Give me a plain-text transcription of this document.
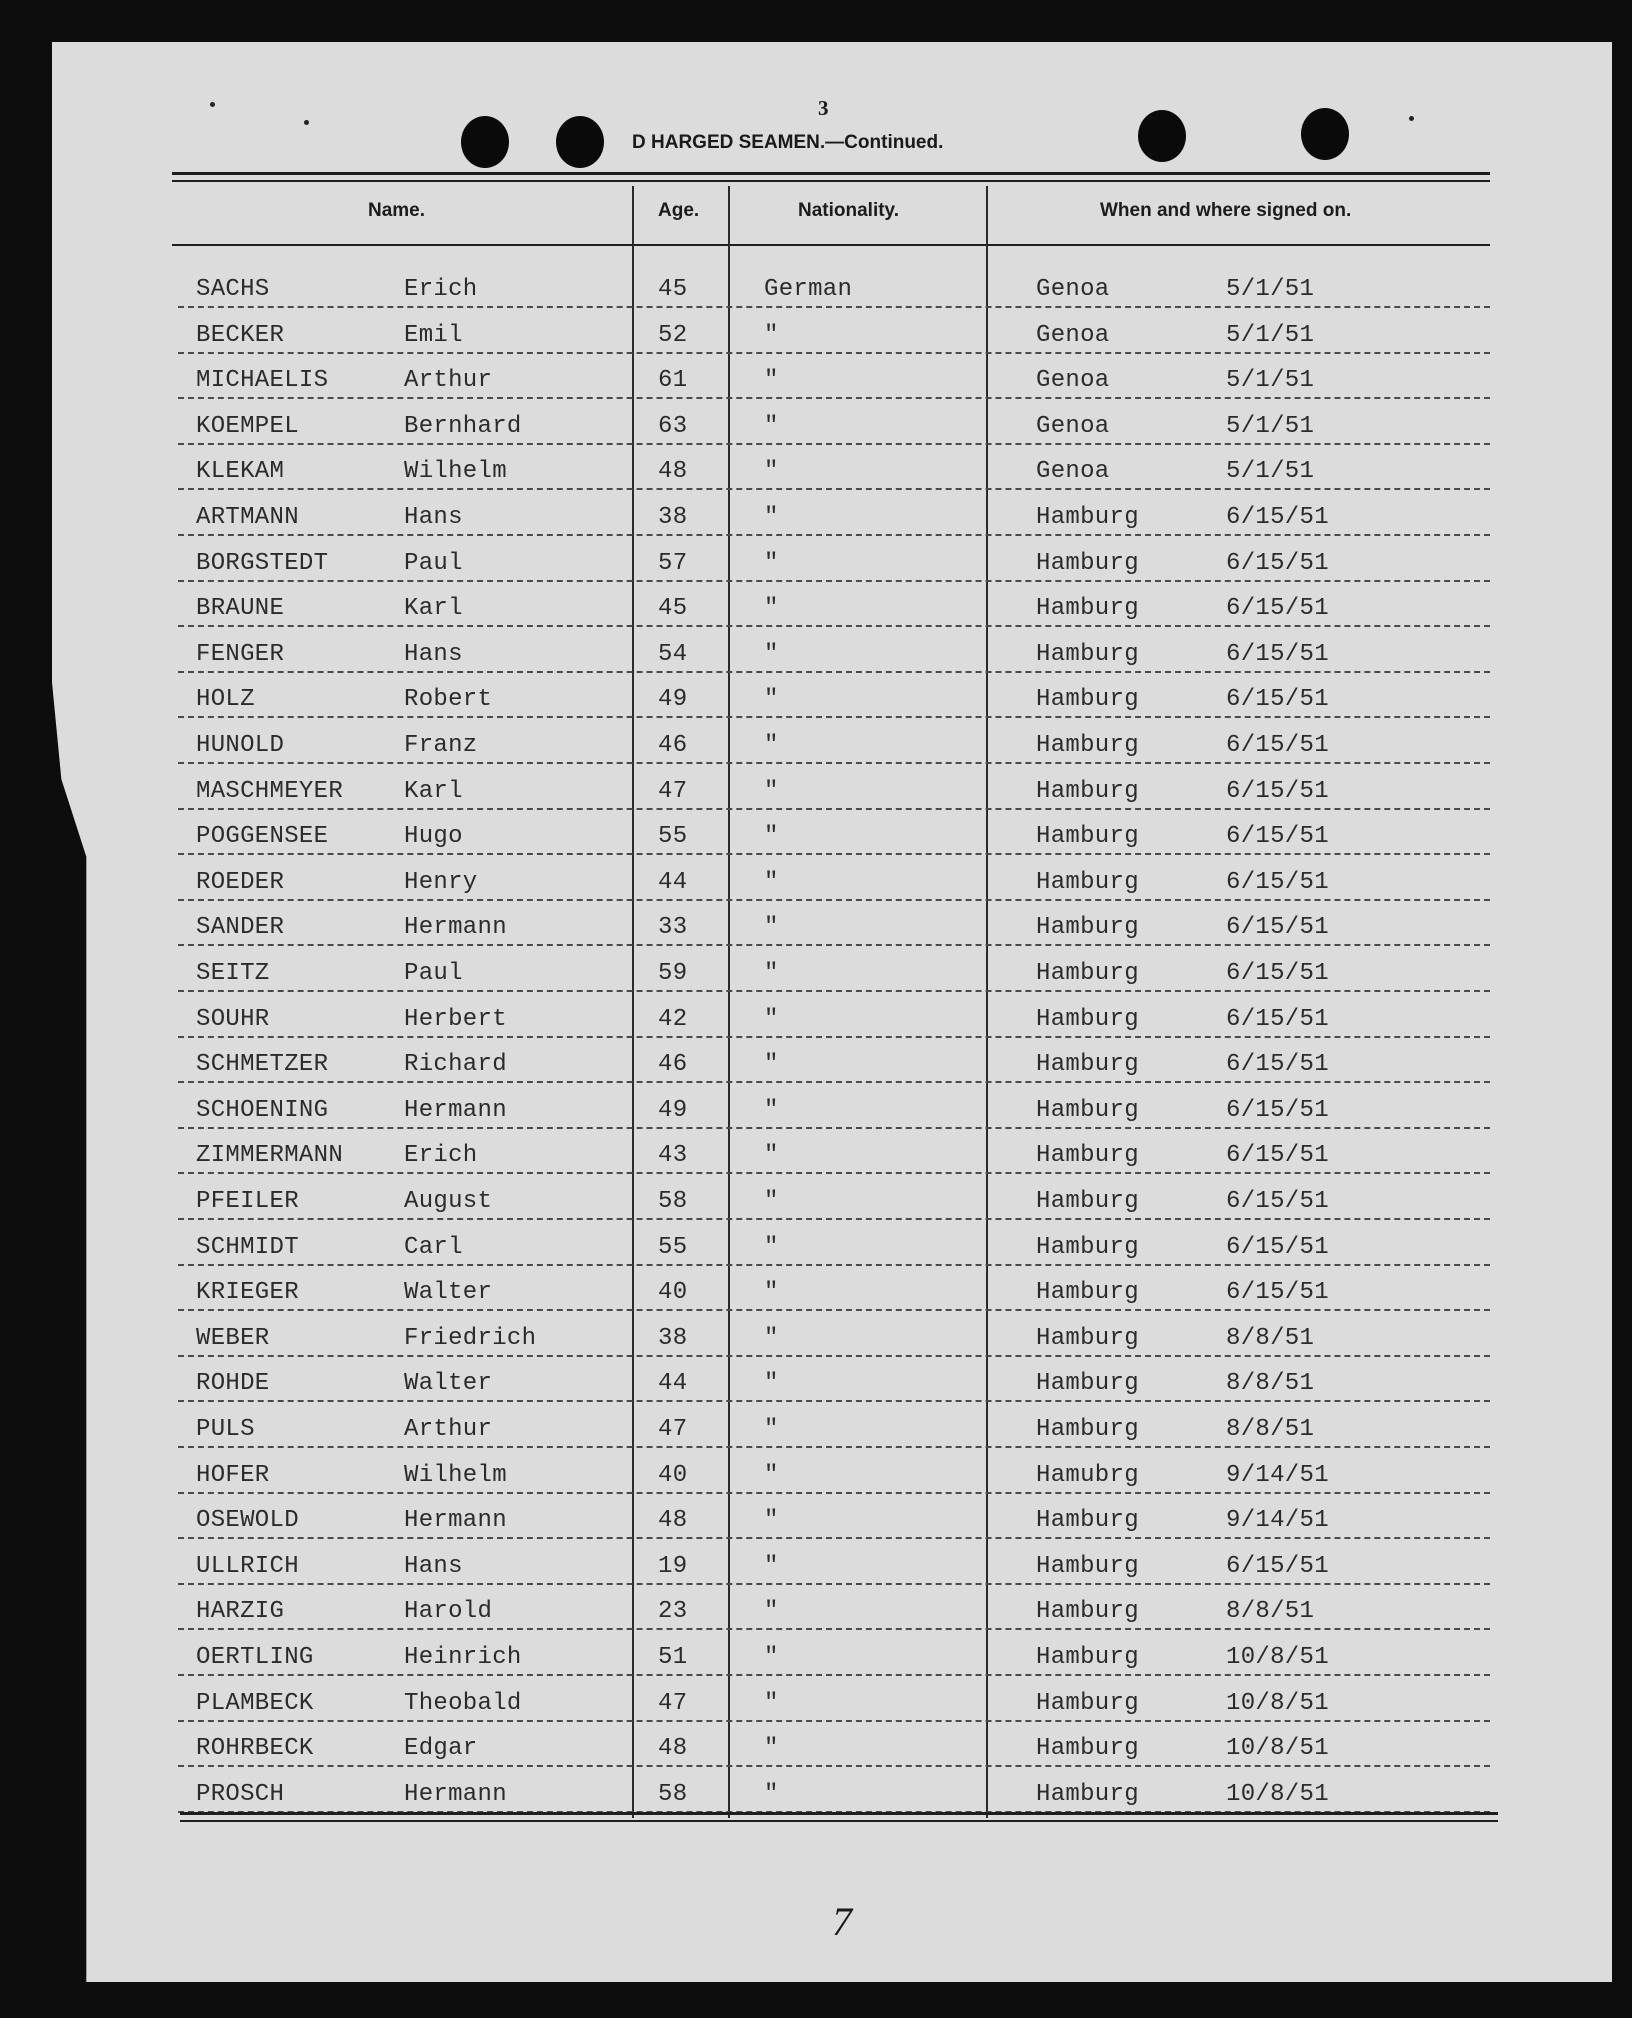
3
D HARGED SEAMEN.—Continued.
Name.	Age.	Nationality.	When and where signed on.
SACHS	Erich	45	German	Genoa	5/1/51
BECKER	Emil	52	"	Genoa	5/1/51
MICHAELIS	Arthur	61	"	Genoa	5/1/51
KOEMPEL	Bernhard	63	"	Genoa	5/1/51
KLEKAM	Wilhelm	48	"	Genoa	5/1/51
ARTMANN	Hans	38	"	Hamburg	6/15/51
BORGSTEDT	Paul	57	"	Hamburg	6/15/51
BRAUNE	Karl	45	"	Hamburg	6/15/51
FENGER	Hans	54	"	Hamburg	6/15/51
HOLZ	Robert	49	"	Hamburg	6/15/51
HUNOLD	Franz	46	"	Hamburg	6/15/51
MASCHMEYER	Karl	47	"	Hamburg	6/15/51
POGGENSEE	Hugo	55	"	Hamburg	6/15/51
ROEDER	Henry	44	"	Hamburg	6/15/51
SANDER	Hermann	33	"	Hamburg	6/15/51
SEITZ	Paul	59	"	Hamburg	6/15/51
SOUHR	Herbert	42	"	Hamburg	6/15/51
SCHMETZER	Richard	46	"	Hamburg	6/15/51
SCHOENING	Hermann	49	"	Hamburg	6/15/51
ZIMMERMANN	Erich	43	"	Hamburg	6/15/51
PFEILER	August	58	"	Hamburg	6/15/51
SCHMIDT	Carl	55	"	Hamburg	6/15/51
KRIEGER	Walter	40	"	Hamburg	6/15/51
WEBER	Friedrich	38	"	Hamburg	8/8/51
ROHDE	Walter	44	"	Hamburg	8/8/51
PULS	Arthur	47	"	Hamburg	8/8/51
HOFER	Wilhelm	40	"	Hamubrg	9/14/51
OSEWOLD	Hermann	48	"	Hamburg	9/14/51
ULLRICH	Hans	19	"	Hamburg	6/15/51
HARZIG	Harold	23	"	Hamburg	8/8/51
OERTLING	Heinrich	51	"	Hamburg	10/8/51
PLAMBECK	Theobald	47	"	Hamburg	10/8/51
ROHRBECK	Edgar	48	"	Hamburg	10/8/51
PROSCH	Hermann	58	"	Hamburg	10/8/51
7
